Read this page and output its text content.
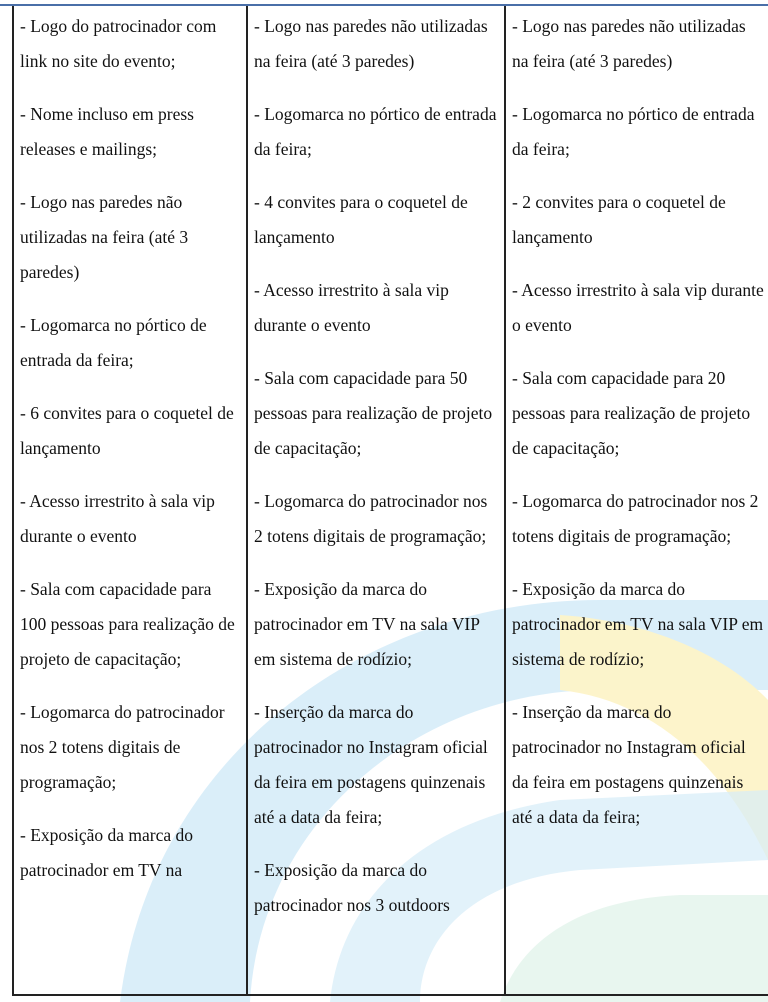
- Logo do patrocinador com link no site do evento;

- Nome incluso em press releases e mailings;

- Logo nas paredes não utilizadas na feira (até 3 paredes)

- Logomarca no pórtico de entrada da feira;

- 6 convites para o coquetel de lançamento

- Acesso irrestrito à sala vip durante o evento

- Sala com capacidade para 100 pessoas para realização de projeto de capacitação;

- Logomarca do patrocinador nos 2 totens digitais de programação;

- Exposição da marca do patrocinador em TV na

- Logo nas paredes não utilizadas na feira (até 3 paredes)

- Logomarca no pórtico de entrada da feira;

- 4 convites para o coquetel de lançamento

- Acesso irrestrito à sala vip durante o evento

- Sala com capacidade para 50 pessoas para realização de projeto de capacitação;

- Logomarca do patrocinador nos 2 totens digitais de programação;

- Exposição da marca do patrocinador em TV na sala VIP em sistema de rodízio;

- Inserção da marca do patrocinador no Instagram oficial da feira em postagens quinzenais até a data da feira;

- Exposição da marca do patrocinador nos 3 outdoors

- Logo nas paredes não utilizadas na feira (até 3 paredes)

- Logomarca no pórtico de entrada da feira;

- 2 convites para o coquetel de lançamento

- Acesso irrestrito à sala vip durante o evento

- Sala com capacidade para 20 pessoas para realização de projeto de capacitação;

- Logomarca do patrocinador nos 2 totens digitais de programação;

- Exposição da marca do patrocinador em TV na sala VIP em sistema de rodízio;

- Inserção da marca do patrocinador no Instagram oficial da feira em postagens quinzenais até a data da feira;
